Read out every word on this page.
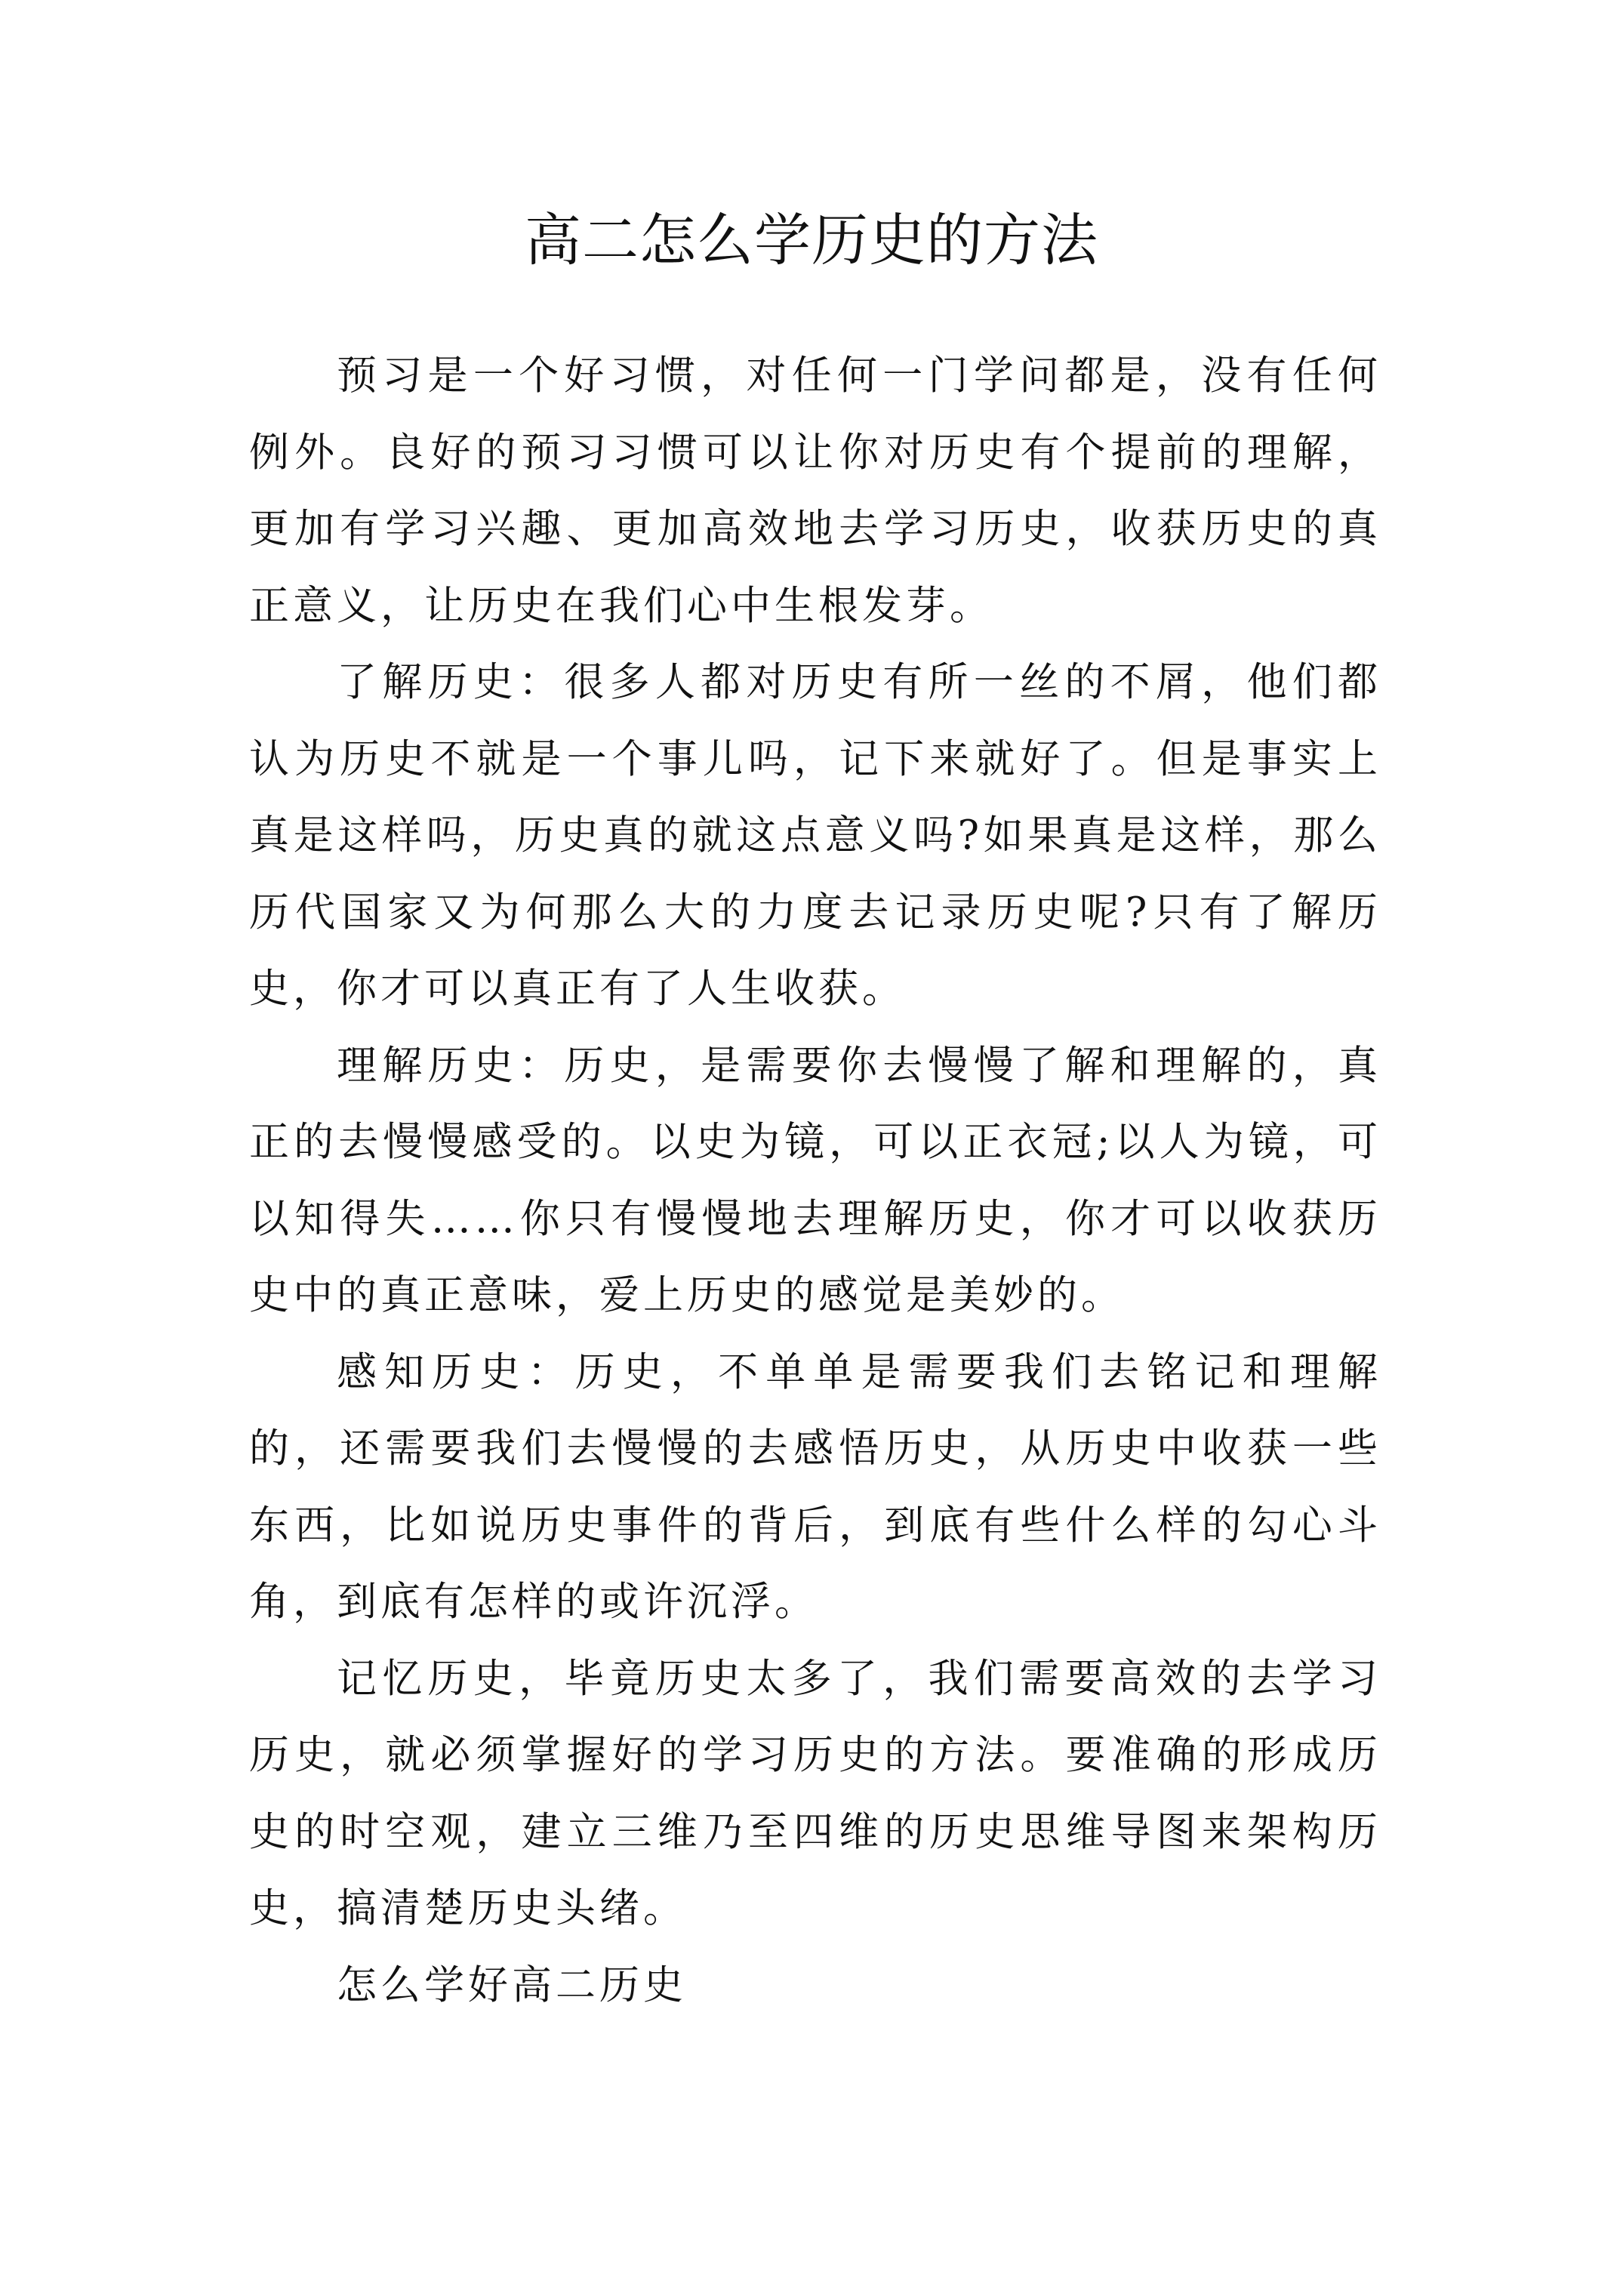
高二怎么学历史的方法

预习是一个好习惯，对任何一门学问都是，没有任何例外。良好的预习习惯可以让你对历史有个提前的理解，更加有学习兴趣、更加高效地去学习历史，收获历史的真正意义，让历史在我们心中生根发芽。

了解历史：很多人都对历史有所一丝的不屑，他们都认为历史不就是一个事儿吗，记下来就好了。但是事实上真是这样吗，历史真的就这点意义吗?如果真是这样，那么历代国家又为何那么大的力度去记录历史呢?只有了解历史，你才可以真正有了人生收获。

理解历史：历史，是需要你去慢慢了解和理解的，真正的去慢慢感受的。以史为镜，可以正衣冠;以人为镜，可以知得失……你只有慢慢地去理解历史，你才可以收获历史中的真正意味，爱上历史的感觉是美妙的。

感知历史：历史，不单单是需要我们去铭记和理解的，还需要我们去慢慢的去感悟历史，从历史中收获一些东西，比如说历史事件的背后，到底有些什么样的勾心斗角，到底有怎样的或许沉浮。

记忆历史，毕竟历史太多了，我们需要高效的去学习历史，就必须掌握好的学习历史的方法。要准确的形成历史的时空观，建立三维乃至四维的历史思维导图来架构历史，搞清楚历史头绪。

怎么学好高二历史
